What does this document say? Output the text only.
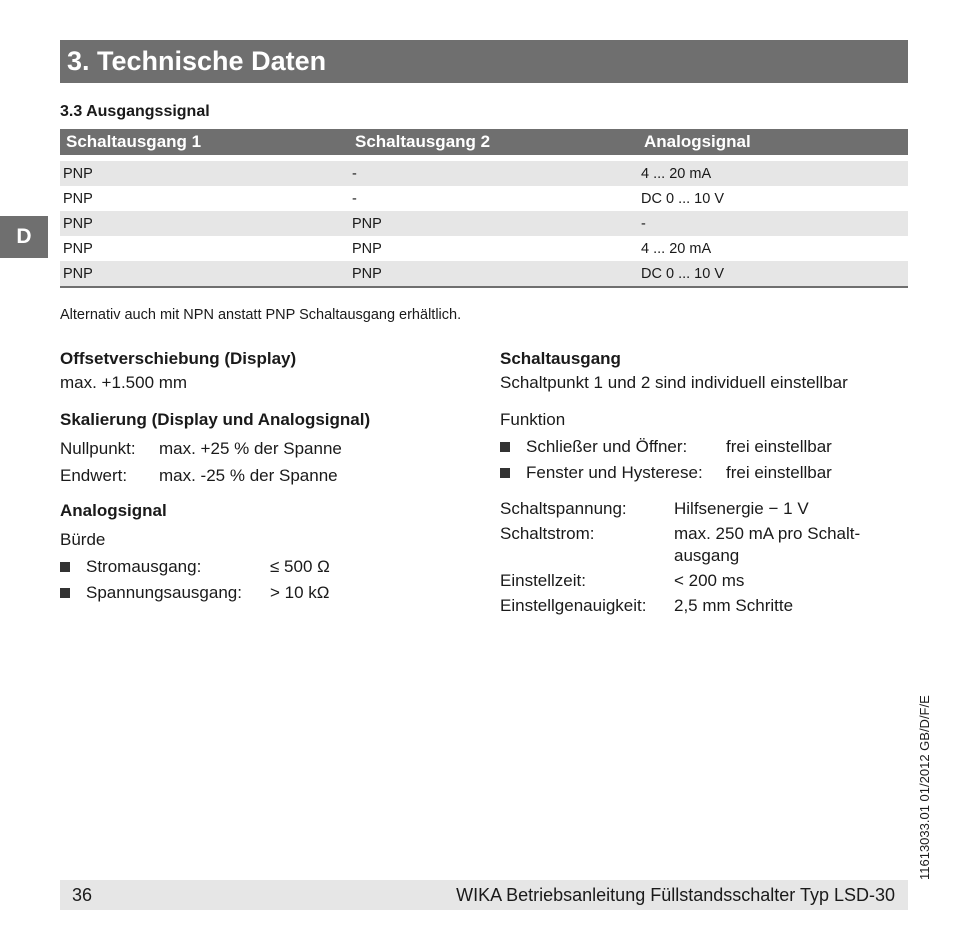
3. Technische Daten
D
3.3 Ausgangssignal
Schaltausgang 1	Schaltausgang 2	Analogsignal
PNP	-	4 ... 20 mA
PNP	-	DC 0 ... 10 V
PNP	PNP	-
PNP	PNP	4 ... 20 mA
PNP	PNP	DC 0 ... 10 V
Alternativ auch mit NPN anstatt PNP Schaltausgang erhältlich.
Offsetverschiebung (Display)
max. +1.500 mm
Skalierung (Display und Analogsignal)
Nullpunkt:	max. +25 % der Spanne
Endwert:	max. -25 % der Spanne
Analogsignal
Bürde
Stromausgang:	≤ 500 Ω
Spannungsausgang:	> 10 kΩ
Schaltausgang
Schaltpunkt 1 und 2 sind individuell einstellbar
Funktion
Schließer und Öffner:	frei einstellbar
Fenster und Hysterese:	frei einstellbar
Schaltspannung:	Hilfsenergie − 1 V
Schaltstrom:	max. 250 mA pro Schalt-
ausgang
Einstellzeit:	< 200 ms
Einstellgenauigkeit:	2,5 mm Schritte
11613033.01 01/2012 GB/D/F/E
36	WIKA Betriebsanleitung Füllstandsschalter Typ LSD-30
